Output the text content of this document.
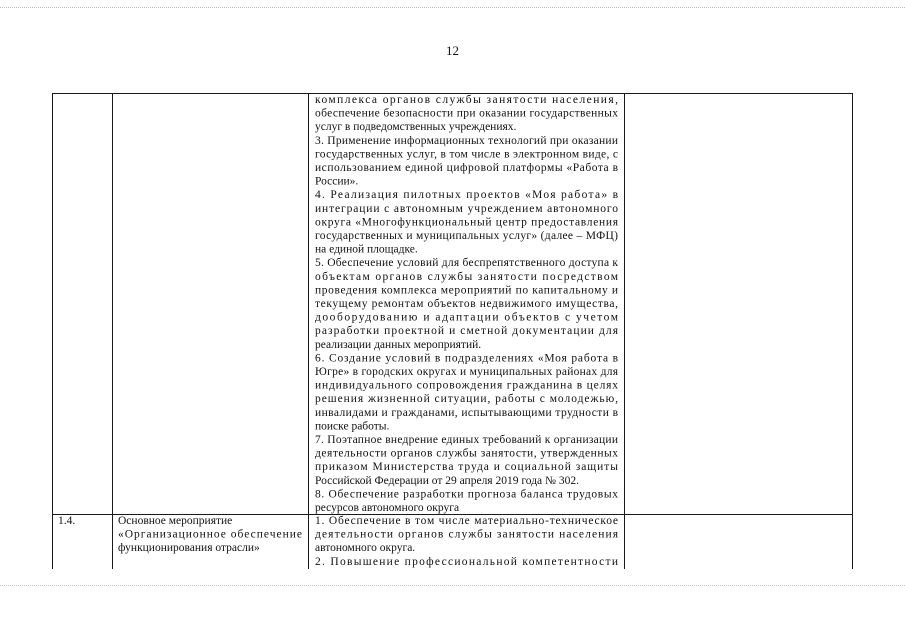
12
комплекса органов службы занятости населения,
обеспечение безопасности при оказании государственных
услуг в подведомственных учреждениях.
3. Применение информационных технологий при оказании
государственных услуг, в том числе в электронном виде, с
использованием единой цифровой платформы «Работа в
России».
4. Реализация пилотных проектов «Моя работа» в
интеграции с автономным учреждением автономного
округа «Многофункциональный центр предоставления
государственных и муниципальных услуг» (далее – МФЦ)
на единой площадке.
5. Обеспечение условий для беспрепятственного доступа к
объектам органов службы занятости посредством
проведения комплекса мероприятий по капитальному и
текущему ремонтам объектов недвижимого имущества,
дооборудованию и адаптации объектов с учетом
разработки проектной и сметной документации для
реализации данных мероприятий.
6. Создание условий в подразделениях «Моя работа в
Югре» в городских округах и муниципальных районах для
индивидуального сопровождения гражданина в целях
решения жизненной ситуации, работы с молодежью,
инвалидами и гражданами, испытывающими трудности в
поиске работы.
7. Поэтапное внедрение единых требований к организации
деятельности органов службы занятости, утвержденных
приказом Министерства труда и социальной защиты
Российской Федерации от 29 апреля 2019 года № 302.
8. Обеспечение разработки прогноза баланса трудовых
ресурсов автономного округа
1.4.	Основное мероприятие
«Организационное обеспечение
функционирования отрасли»
1. Обеспечение в том числе материально-техническое
деятельности органов службы занятости населения
автономного округа.
2. Повышение профессиональной компетентности
